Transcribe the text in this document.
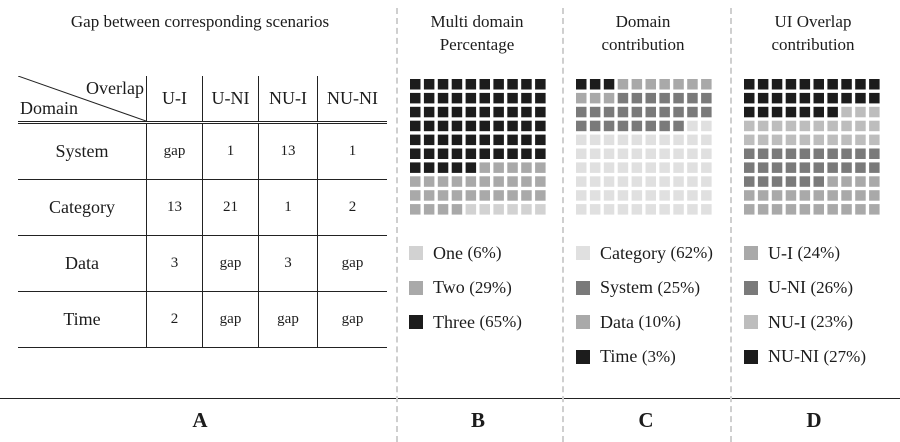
Gap between corresponding scenarios
Overlap
Domain	U-I	U-NI	NU-I	NU-NI
System	gap	1	13	1
Category	13	21	1	2
Data	3	gap	3	gap
Time	2	gap	gap	gap
Multi domain
Percentage
One
(6%)
Two
(29%)
Three
(65%)
Domain
contribution
Category
(62%)
System
(25%)
Data
(10%)
Time
(3%)
UI Overlap
contribution
U-I
(24%)
U-NI
(26%)
NU-I
(23%)
NU-NI
(27%)
A	B	C	D
